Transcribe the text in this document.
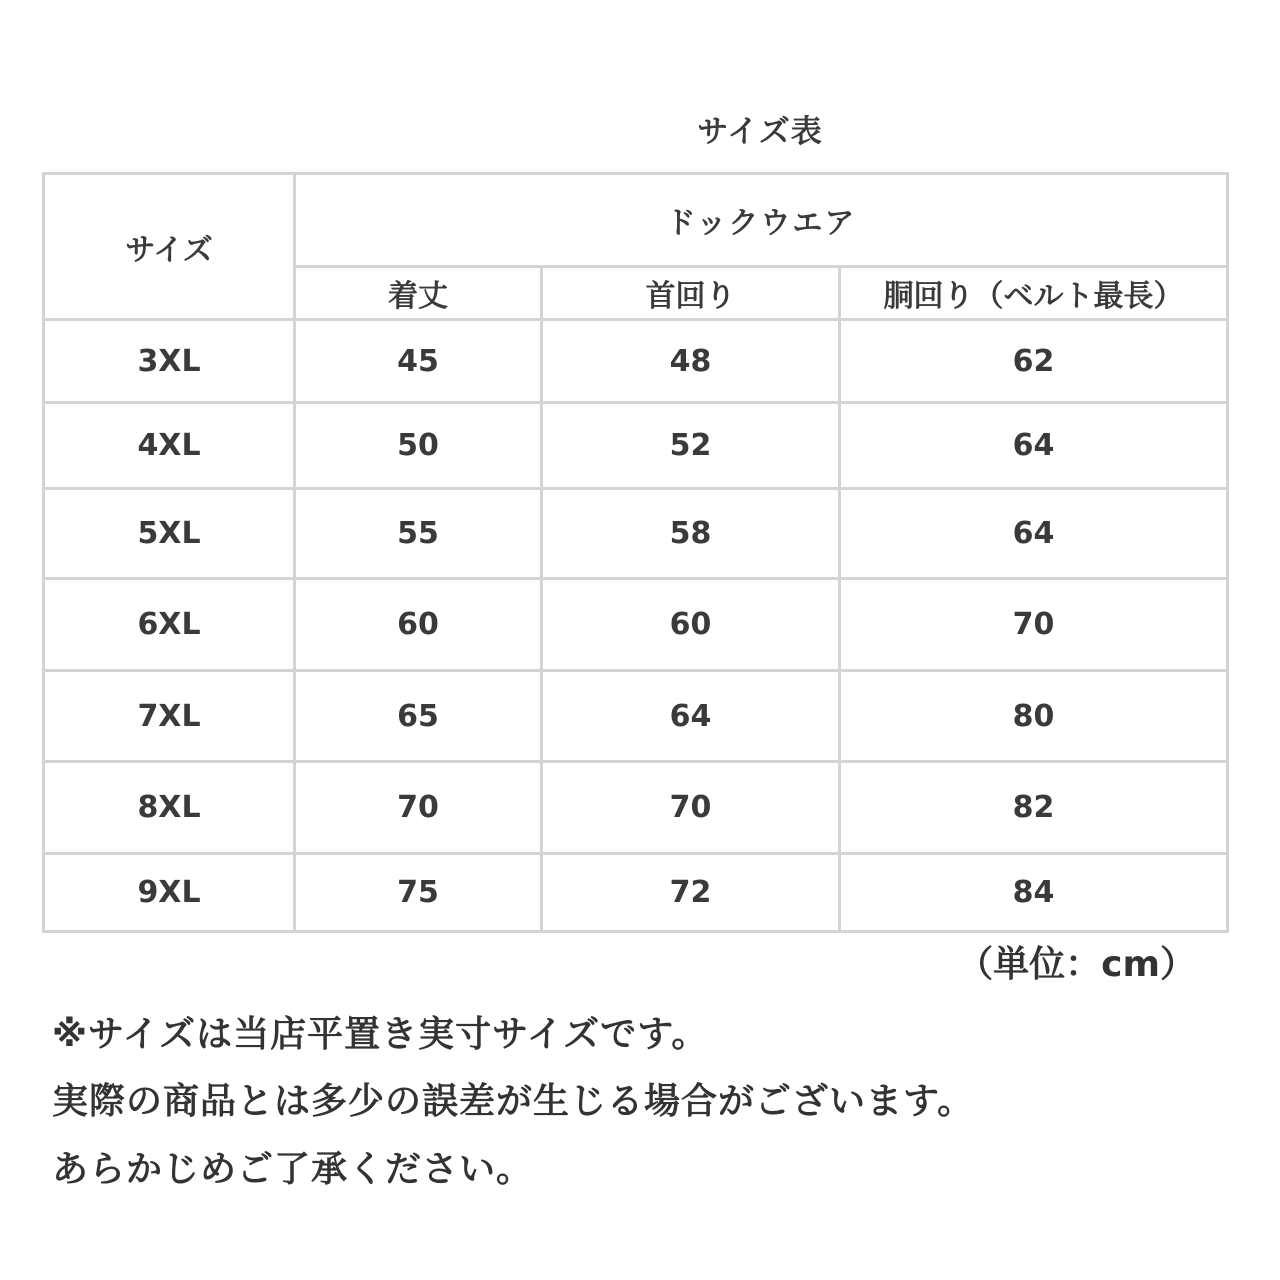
サイズ表
サイズ	ドックウエア		
	着丈	首回り	胴回り（ベルト最長）
3XL	45	48	62
4XL	50	52	64
5XL	55	58	64
6XL	60	60	70
7XL	65	64	80
8XL	70	70	82
9XL	75	72	84
（単位：cm）
※サイズは当店平置き実寸サイズです。
実際の商品とは多少の誤差が生じる場合がございます。
あらかじめご了承ください。
